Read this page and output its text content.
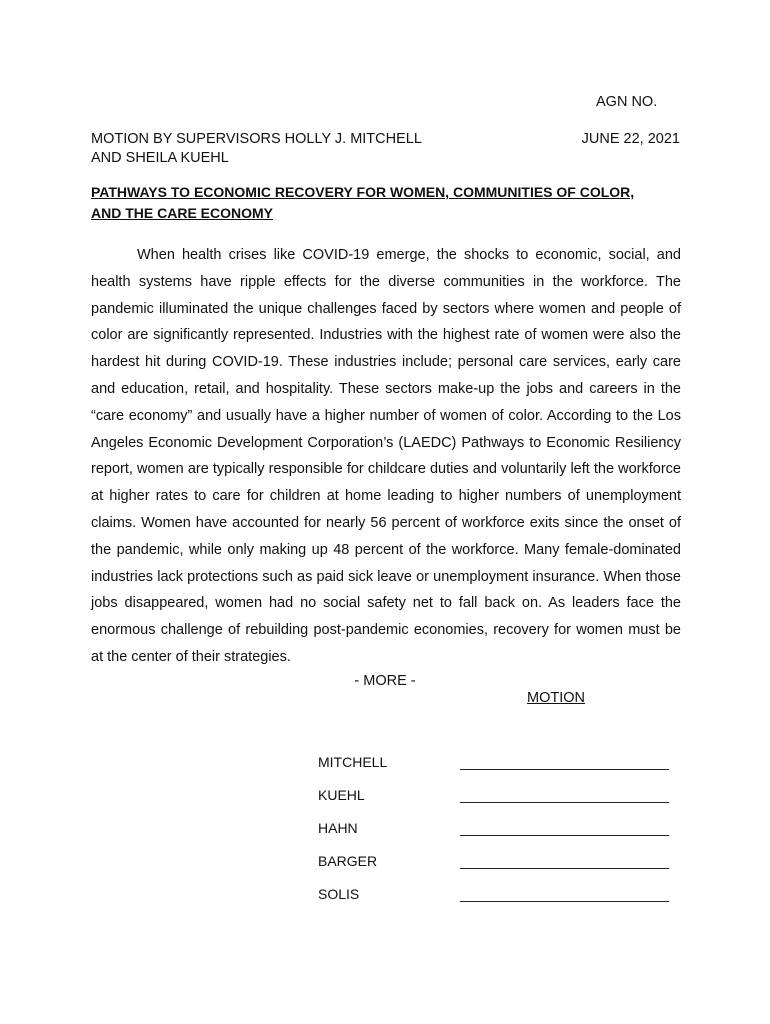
AGN NO.
MOTION BY SUPERVISORS HOLLY J. MITCHELL
AND SHEILA KUEHL
JUNE 22, 2021
PATHWAYS TO ECONOMIC RECOVERY FOR WOMEN, COMMUNITIES OF COLOR,
AND THE CARE ECONOMY

When health crises like COVID-19 emerge, the shocks to economic, social, and health systems have ripple effects for the diverse communities in the workforce. The pandemic illuminated the unique challenges faced by sectors where women and people of color are significantly represented. Industries with the highest rate of women were also the hardest hit during COVID-19. These industries include; personal care services, early care and education, retail, and hospitality. These sectors make-up the jobs and careers in the “care economy” and usually have a higher number of women of color. According to the Los Angeles Economic Development Corporation’s (LAEDC) Pathways to Economic Resiliency report, women are typically responsible for childcare duties and voluntarily left the workforce at higher rates to care for children at home leading to higher numbers of unemployment claims. Women have accounted for nearly 56 percent of workforce exits since the onset of the pandemic, while only making up 48 percent of the workforce. Many female-dominated industries lack protections such as paid sick leave or unemployment insurance. When those jobs disappeared, women had no social safety net to fall back on. As leaders face the enormous challenge of rebuilding post-pandemic economies, recovery for women must be at the center of their strategies.

- MORE -
MOTION
MITCHELL
KUEHL
HAHN
BARGER
SOLIS
